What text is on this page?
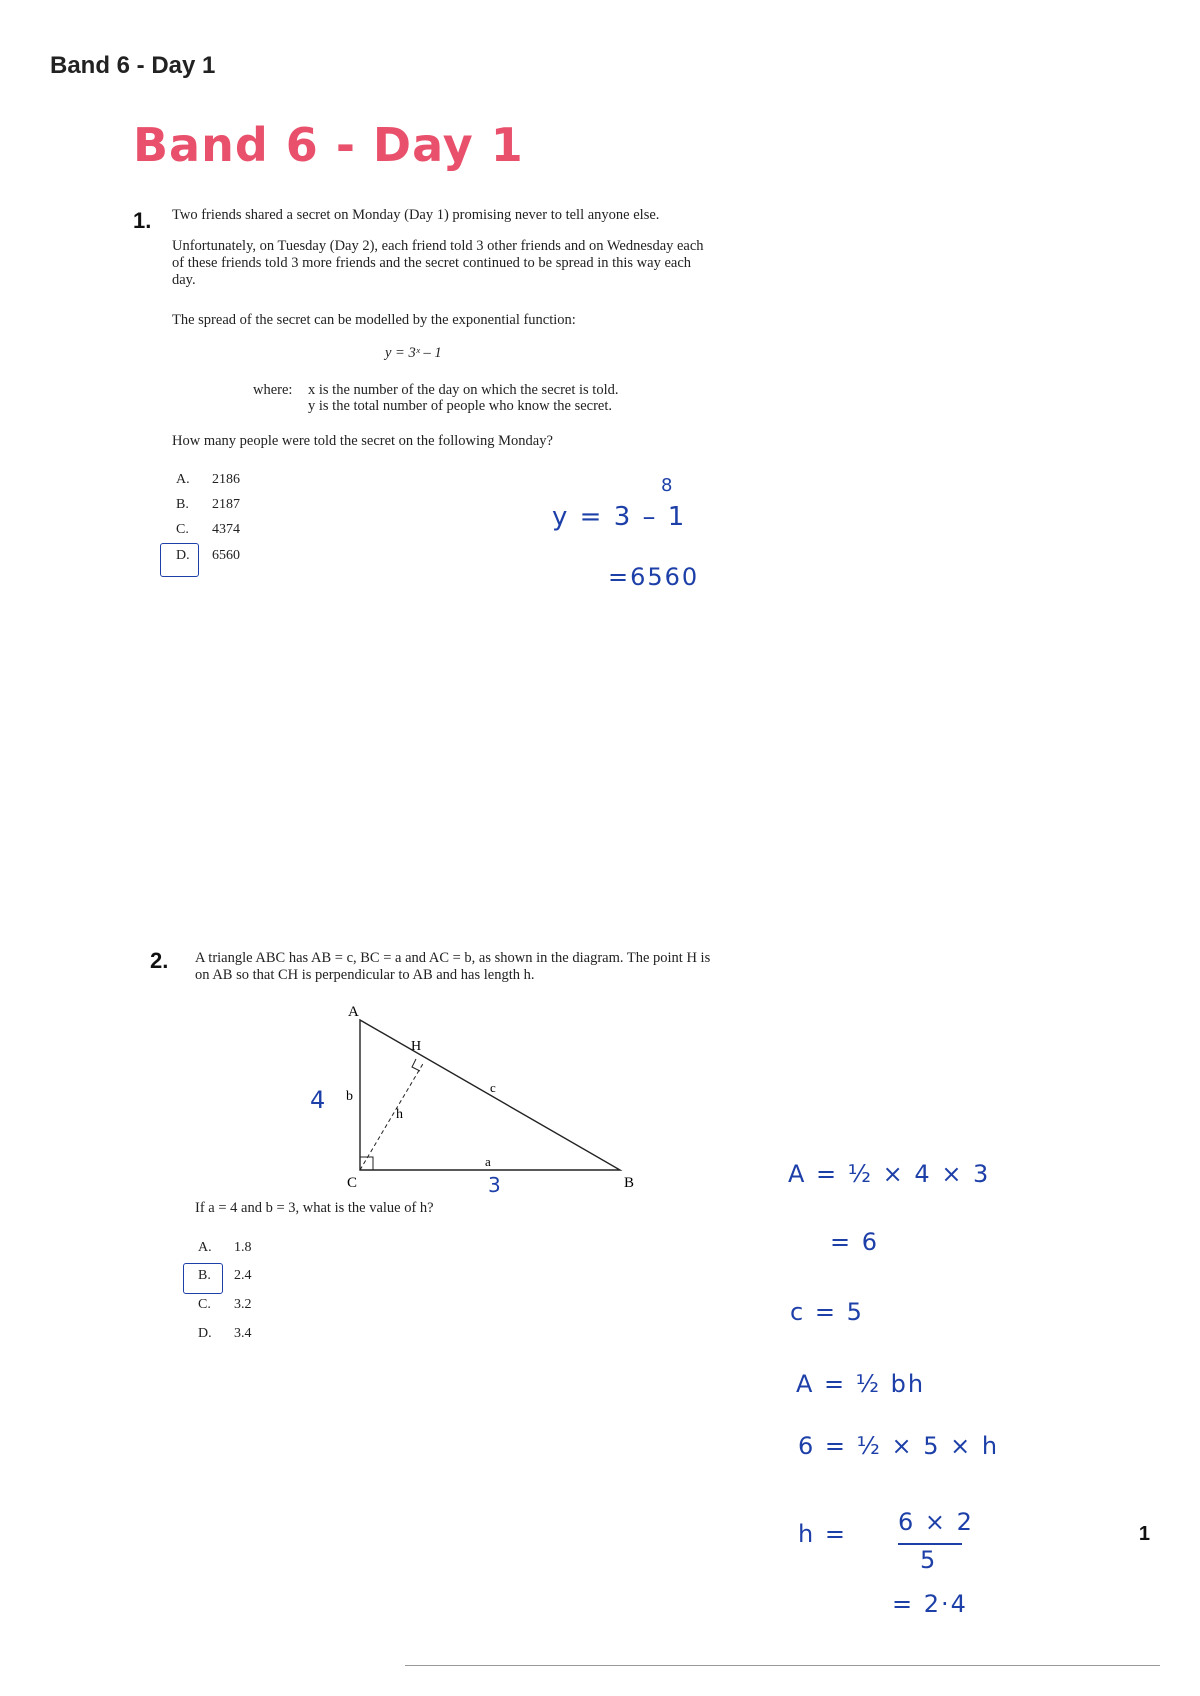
Band 6 - Day 1
Band 6 - Day 1
1. Two friends shared a secret on Monday (Day 1) promising never to tell anyone else.
Unfortunately, on Tuesday (Day 2), each friend told 3 other friends and on Wednesday each
of these friends told 3 more friends and the secret continued to be spread in this way each
day.
The spread of the secret can be modelled by the exponential function:
y = 3ˣ – 1
where: x is the number of the day on which the secret is told.
y is the total number of people who know the secret.
How many people were told the secret on the following Monday?
A. 2186
B. 2187
C. 4374
D. 6560
8
y = 3 – 1
=6560
2. A triangle ABC has AB = c, BC = a and AC = b, as shown in the diagram. The point H is
on AB so that CH is perpendicular to AB and has length h.
A
C	B
H
b
a
c
h
4
3
If a = 4 and b = 3, what is the value of h?
A. 1.8
B. 2.4
C. 3.2
D. 3.4
A = ½ × 4 × 3
= 6
c = 5
A = ½ bh
6 = ½ × 5 × h
h = 6 × 2
5
= 2·4
1
